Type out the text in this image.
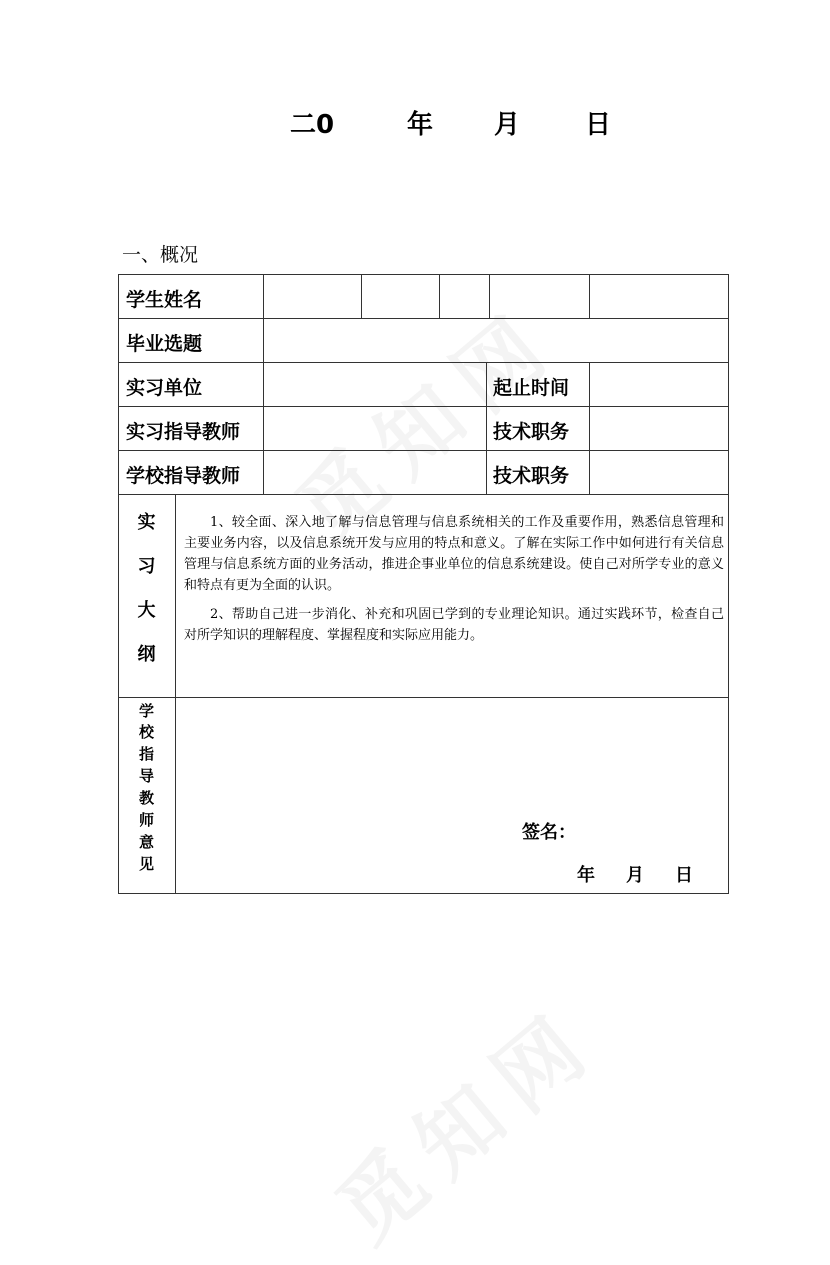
二0	年 月 日
一、概况
学生姓名
毕业选题
实习单位	起止时间
实习指导教师	技术职务
学校指导教师	技术职务
实
习
大
纲

1、较全面、深入地了解与信息管理与信息系统相关的工作及重要作用，熟悉信息管理和主要业务内容，以及信息系统开发与应用的特点和意义。了解在实际工作中如何进行有关信息管理与信息系统方面的业务活动，推进企事业单位的信息系统建设。使自己对所学专业的意义和特点有更为全面的认识。

2、帮助自己进一步消化、补充和巩固已学到的专业理论知识。通过实践环节，检查自己对所学知识的理解程度、掌握程度和实际应用能力。

学
校
指
导
教
师
意
见
签名：
年 月 日
